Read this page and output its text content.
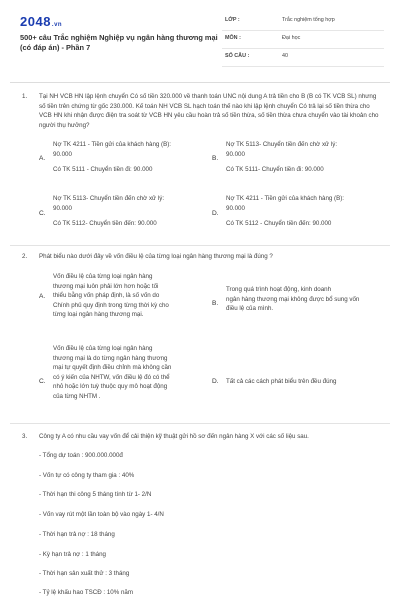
2048.vn
500+ câu Trắc nghiệm Nghiệp vụ ngân hàng thương mại (có đáp án) - Phần 7
LỚP :	Trắc nghiệm tổng hợp
MÔN :	Đại học
SỐ CÂU :	40
1. Tại NH VCB HN lập lệnh chuyển Có số tiền 320.000 về thanh toán UNC nội dung A trả tiền cho B (B có TK VCB SL) nhưng số tiền trên chứng từ gốc 230.000. Kế toán NH VCB SL hạch toán thế nào khi lập lệnh chuyển Có trả lại số tiền thừa cho VCB HN khi nhận được điện tra soát từ VCB HN yêu cầu hoàn trả số tiền thừa, số tiền thừa chưa chuyển vào tài khoản cho người thụ hưởng?
A.
Nợ TK 4211 - Tiền gửi của khách hàng (B):
90.000
Có TK 5111 - Chuyển tiền đi: 90.000
B.
Nợ TK 5113- Chuyển tiền đến chờ xử lý:
90.000
Có TK 5111- Chuyển tiền đi: 90.000
C.
Nợ TK 5113- Chuyển tiền đến chờ xử lý:
90.000
Có TK 5112- Chuyển tiền đến: 90.000
D.
Nợ TK 4211 - Tiền gửi của khách hàng (B):
90.000
Có TK 5112 - Chuyển tiền đến: 90.000
2. Phát biểu nào dưới đây về vốn điều lệ của từng loại ngân hàng thương mại là đúng ?
A.
Vốn điều lệ của từng loại ngân hàng
thương mại luôn phải lớn hơn hoặc tối
thiểu bằng vốn pháp định, là số vốn do
Chính phủ quy định trong từng thời kỳ cho
từng loại ngân hàng thương mại.
B.
Trong quá trình hoạt động, kinh doanh
ngân hàng thương mại không được bổ sung vốn
điều lệ của mình.
C.
Vốn điều lệ của từng loại ngân hàng
thương mại là do từng ngân hàng thương
mại tự quyết định điều chỉnh mà không cần
có ý kiến của NHTW, vốn điều lệ đó có thể
nhỏ hoặc lớn tuỳ thuộc quy mô hoạt động
của từng NHTM .
D. Tất cả các cách phát biểu trên đều đúng
3. Công ty A có nhu cầu vay vốn để cải thiện kỹ thuật gửi hồ sơ đến ngân hàng X với các số liệu sau.
- Tổng dự toán : 900.000.000đ
- Vốn tự có công ty tham gia : 40%
- Thời hạn thi công 5 tháng tính từ 1- 2/N
- Vốn vay rút một lần toàn bộ vào ngày 1- 4/N
- Thời hạn trả nợ : 18 tháng
- Kỳ hạn trả nợ : 1 tháng
- Thời hạn sản xuất thử : 3 tháng
- Tỷ lệ khấu hao TSCĐ : 10% năm
